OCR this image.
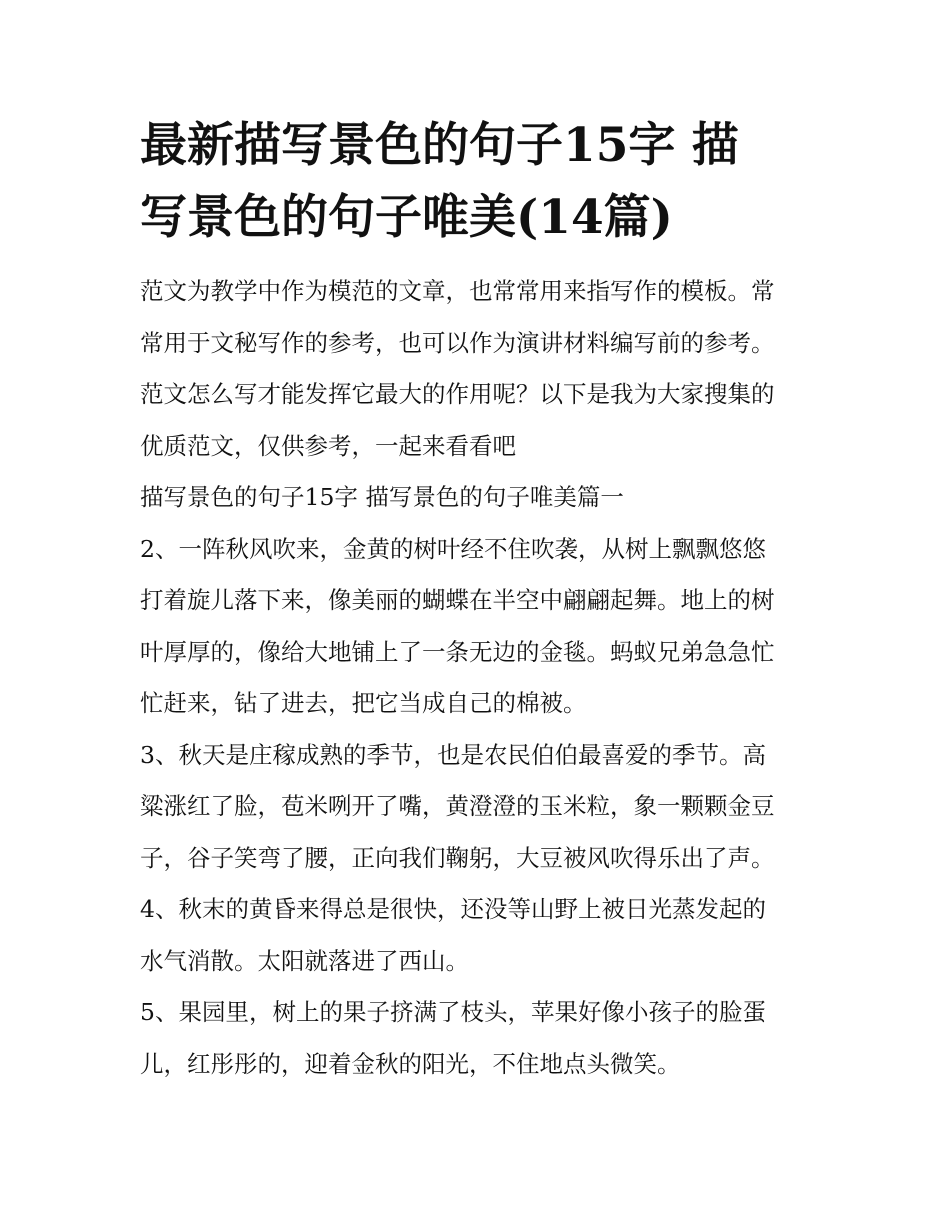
最新描写景色的句子15字 描
写景色的句子唯美(14篇)

范文为教学中作为模范的文章，也常常用来指写作的模板。常
常用于文秘写作的参考，也可以作为演讲材料编写前的参考。
范文怎么写才能发挥它最大的作用呢？以下是我为大家搜集的
优质范文，仅供参考，一起来看看吧

描写景色的句子15字 描写景色的句子唯美篇一

2、一阵秋风吹来，金黄的树叶经不住吹袭，从树上飘飘悠悠
打着旋儿落下来，像美丽的蝴蝶在半空中翩翩起舞。地上的树
叶厚厚的，像给大地铺上了一条无边的金毯。蚂蚁兄弟急急忙
忙赶来，钻了进去，把它当成自己的棉被。

3、秋天是庄稼成熟的季节，也是农民伯伯最喜爱的季节。高
粱涨红了脸，苞米咧开了嘴，黄澄澄的玉米粒，象一颗颗金豆
子，谷子笑弯了腰，正向我们鞠躬，大豆被风吹得乐出了声。

4、秋末的黄昏来得总是很快，还没等山野上被日光蒸发起的
水气消散。太阳就落进了西山。

5、果园里，树上的果子挤满了枝头，苹果好像小孩子的脸蛋
儿，红彤彤的，迎着金秋的阳光，不住地点头微笑。
